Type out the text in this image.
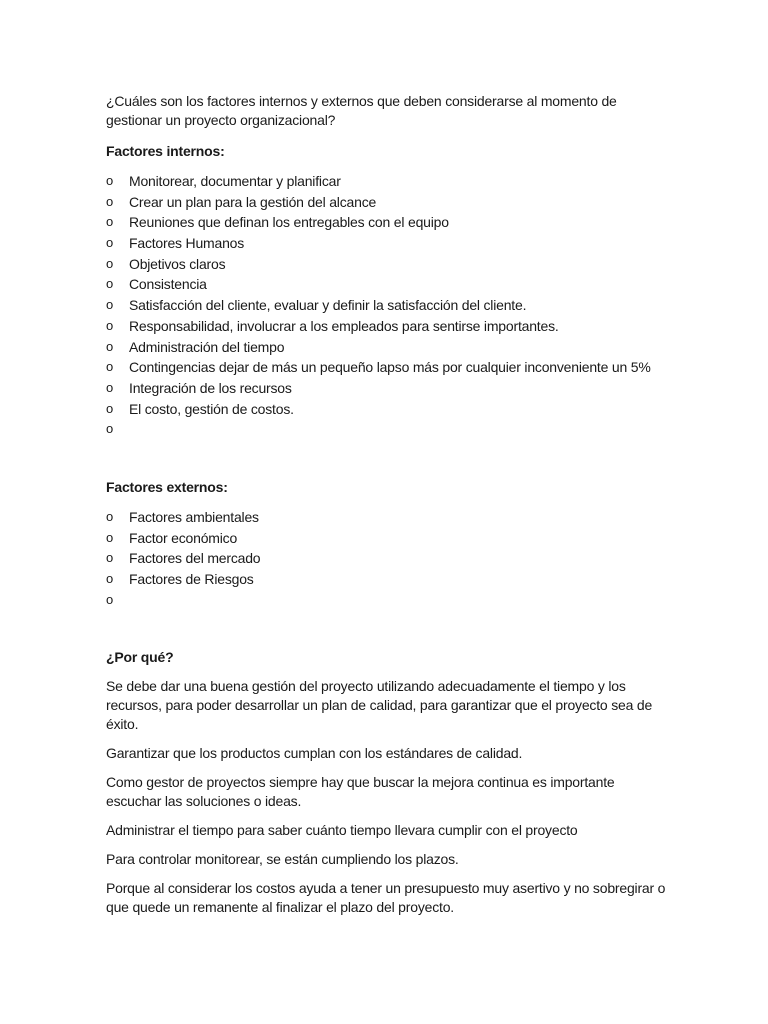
¿Cuáles son los factores internos y externos que deben considerarse al momento de gestionar un proyecto organizacional?

Factores internos:

o Monitorear, documentar y planificar
o Crear un plan para la gestión del alcance
o Reuniones que definan los entregables con el equipo
o Factores Humanos
o Objetivos claros
o Consistencia
o Satisfacción del cliente, evaluar y definir la satisfacción del cliente.
o Responsabilidad, involucrar a los empleados para sentirse importantes.
o Administración del tiempo
o Contingencias dejar de más un pequeño lapso más por cualquier inconveniente un 5%
o Integración de los recursos
o El costo, gestión de costos.
o

Factores externos:

o Factores ambientales
o Factor económico
o Factores del mercado
o Factores de Riesgos
o

¿Por qué?

Se debe dar una buena gestión del proyecto utilizando adecuadamente el tiempo y los recursos, para poder desarrollar un plan de calidad, para garantizar que el proyecto sea de éxito.

Garantizar que los productos cumplan con los estándares de calidad.

Como gestor de proyectos siempre hay que buscar la mejora continua es importante escuchar las soluciones o ideas.

Administrar el tiempo para saber cuánto tiempo llevara cumplir con el proyecto

Para controlar monitorear, se están cumpliendo los plazos.

Porque al considerar los costos ayuda a tener un presupuesto muy asertivo y no sobregirar o que quede un remanente al finalizar el plazo del proyecto.
